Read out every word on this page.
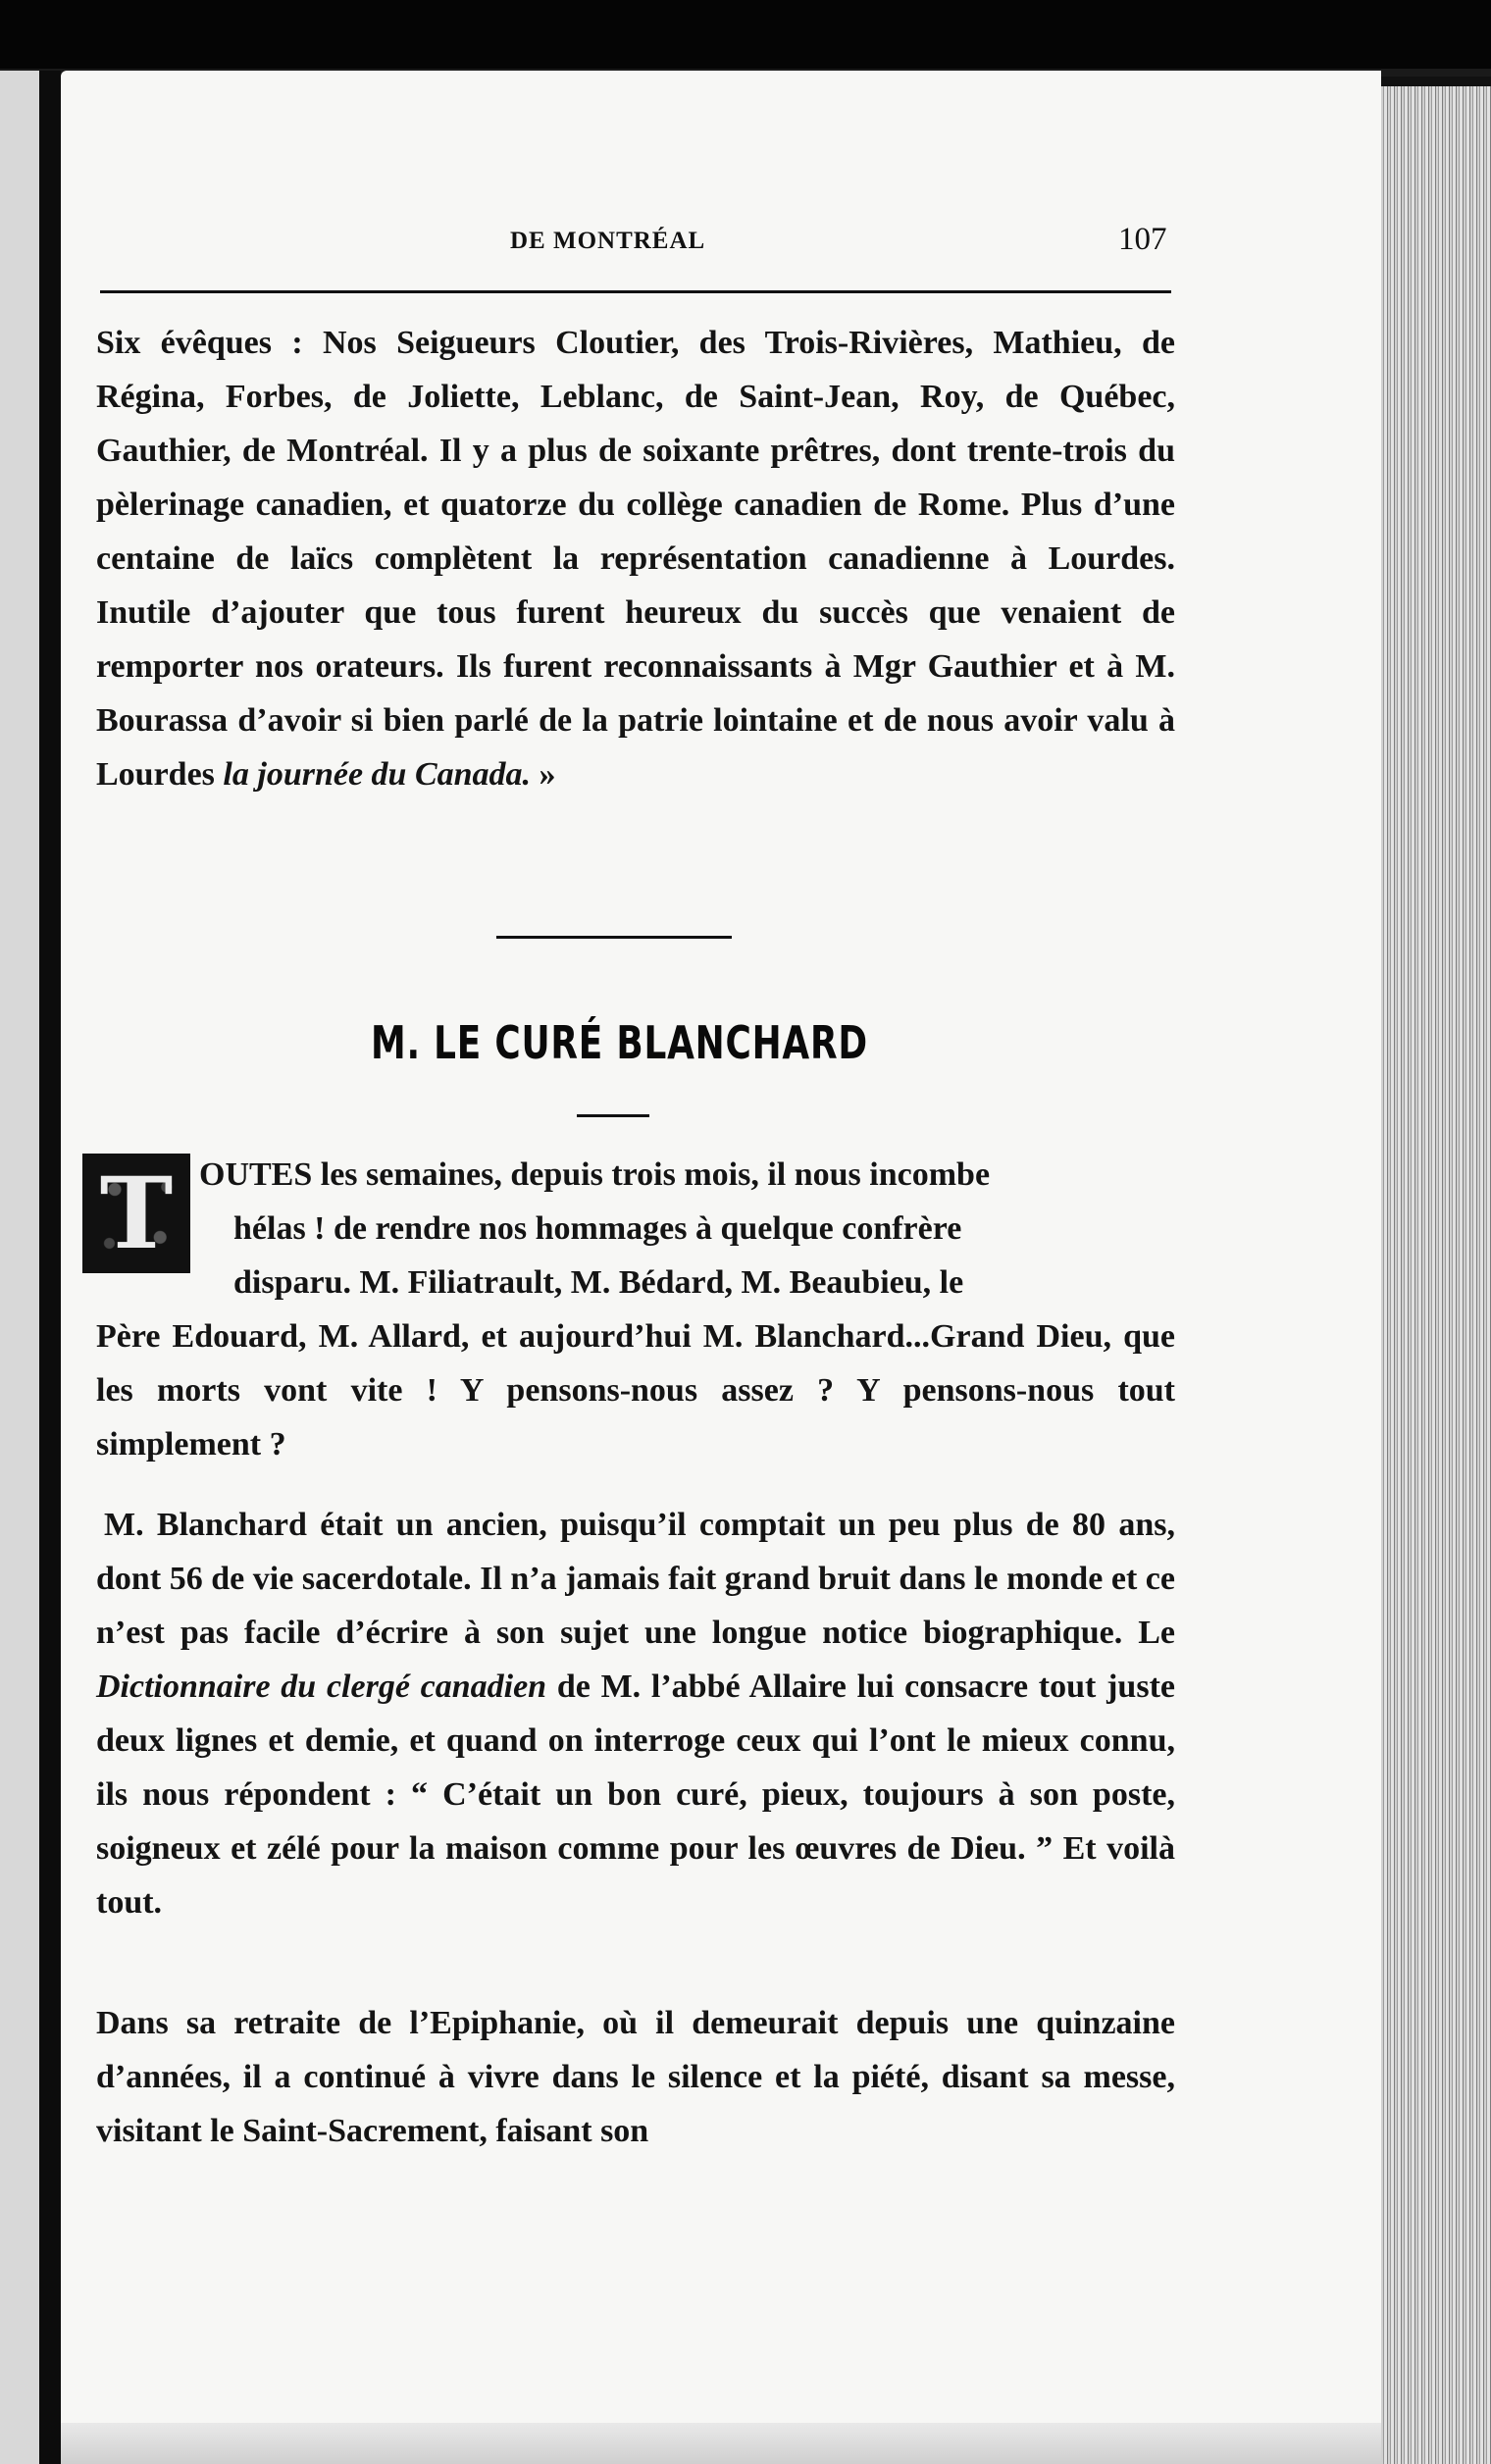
DE MONTRÉAL	107

Six évêques : Nos Seigueurs Cloutier, des Trois-Rivières, Mathieu, de Régina, Forbes, de Joliette, Leblanc, de Saint-Jean, Roy, de Québec, Gauthier, de Montréal. Il y a plus de soixante prêtres, dont trente-trois du pèlerinage canadien, et quatorze du collège canadien de Rome. Plus d’une centaine de laïcs complètent la représentation canadienne à Lourdes. Inutile d’ajouter que tous furent heureux du succès que venaient de remporter nos orateurs. Ils furent reconnaissants à Mgr Gauthier et à M. Bourassa d’avoir si bien parlé de la patrie lointaine et de nous avoir valu à Lourdes la journée du Canada. »

M. LE CURÉ BLANCHARD
T OUTES les semaines, depuis trois mois, il nous incombe

hélas ! de rendre nos hommages à quelque confrère

disparu. M. Filiatrault, M. Bédard, M. Beaubieu, le

Père Edouard, M. Allard, et aujourd’hui M. Blanchard...Grand Dieu, que les morts vont vite ! Y pensons-nous assez ? Y pensons-nous tout simplement ?

M. Blanchard était un ancien, puisqu’il comptait un peu plus de 80 ans, dont 56 de vie sacerdotale. Il n’a jamais fait grand bruit dans le monde et ce n’est pas facile d’écrire à son sujet une longue notice biographique. Le Dictionnaire du clergé canadien de M. l’abbé Allaire lui consacre tout juste deux lignes et demie, et quand on interroge ceux qui l’ont le mieux connu, ils nous répondent : “ C’était un bon curé, pieux, toujours à son poste, soigneux et zélé pour la maison comme pour les œuvres de Dieu. ” Et voilà tout.

Dans sa retraite de l’Epiphanie, où il demeurait depuis une quinzaine d’années, il a continué à vivre dans le silence et la piété, disant sa messe, visitant le Saint-Sacrement, faisant son
